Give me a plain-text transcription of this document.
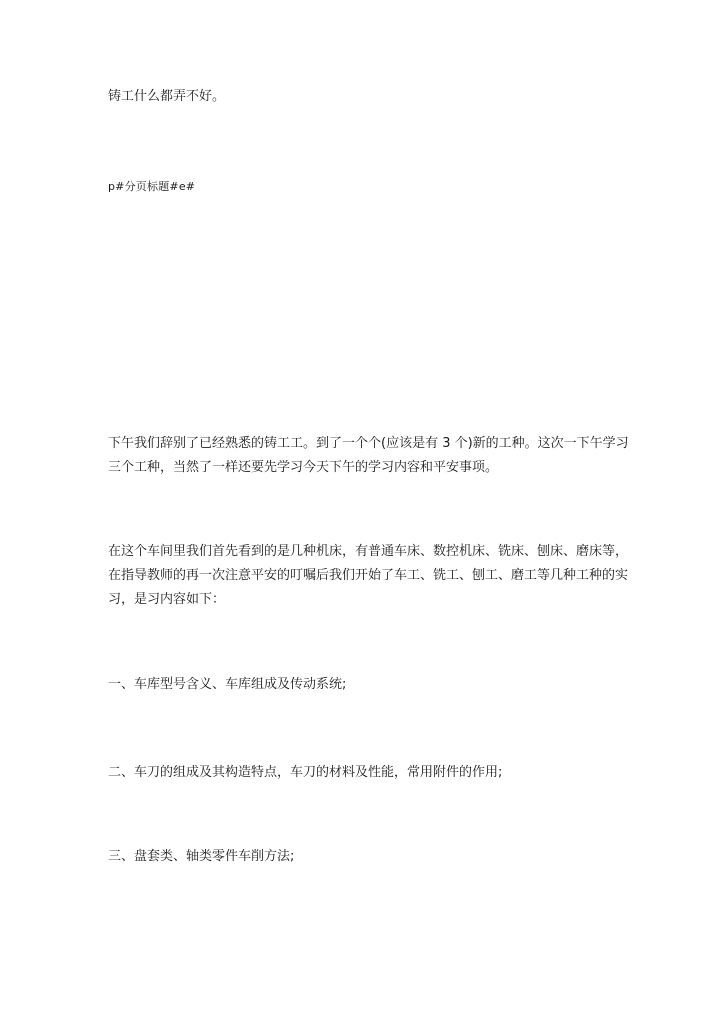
铸工什么都弄不好。
p#分页标题#e#
下午我们辞别了已经熟悉的铸工工。到了一个个(应该是有 3 个)新的工种。这次一下午学习
三个工种，当然了一样还要先学习今天下午的学习内容和平安事项。
在这个车间里我们首先看到的是几种机床，有普通车床、数控机床、铣床、刨床、磨床等，
在指导教师的再一次注意平安的叮嘱后我们开始了车工、铣工、刨工、磨工等几种工种的实
习，是习内容如下：
一、车库型号含义、车库组成及传动系统;
二、车刀的组成及其构造特点，车刀的材料及性能，常用附件的作用;
三、盘套类、轴类零件车削方法;
